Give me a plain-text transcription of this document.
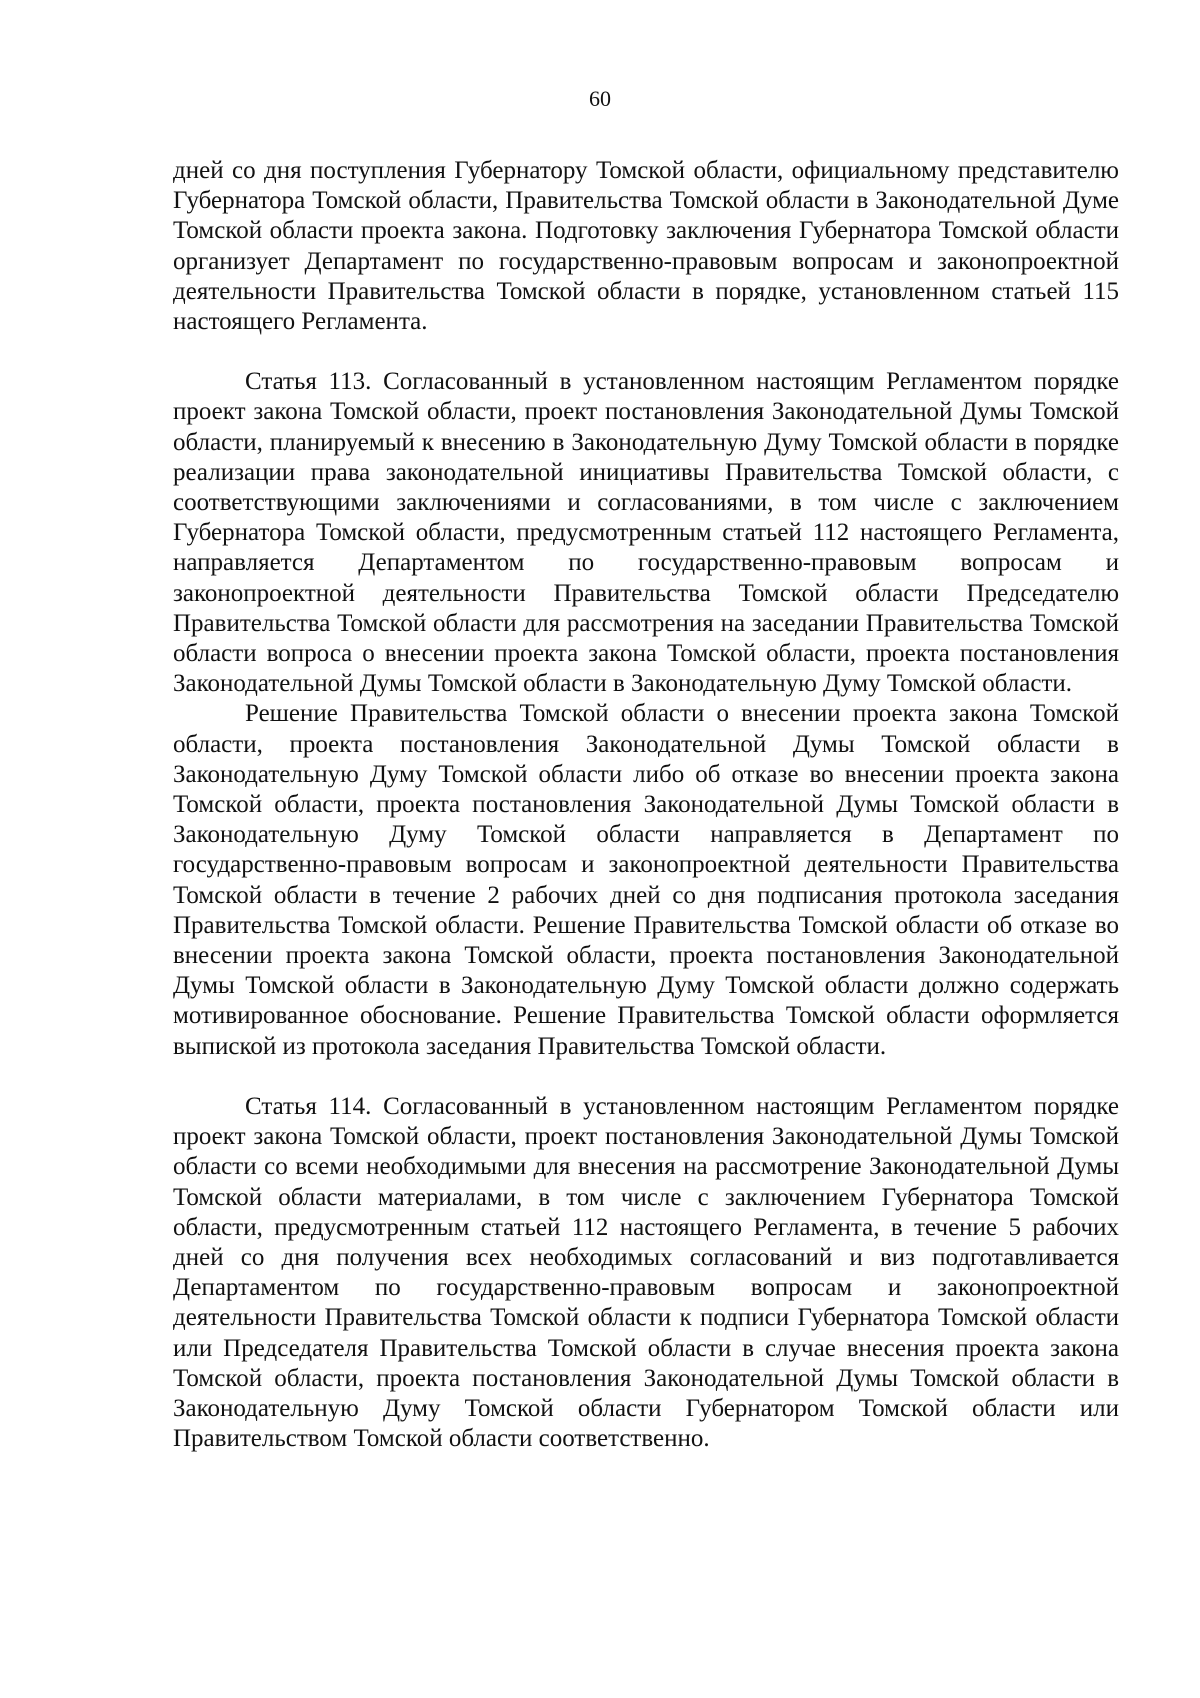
60

дней со дня поступления Губернатору Томской области, официальному представителю Губернатора Томской области, Правительства Томской области в Законодательной Думе Томской области проекта закона. Подготовку заключения Губернатора Томской области организует Департамент по государственно-правовым вопросам и законопроектной деятельности Правительства Томской области в порядке, установленном статьей 115 настоящего Регламента.

Статья 113. Согласованный в установленном настоящим Регламентом порядке проект закона Томской области, проект постановления Законодательной Думы Томской области, планируемый к внесению в Законодательную Думу Томской области в порядке реализации права законодательной инициативы Правительства Томской области, с соответствующими заключениями и согласованиями, в том числе с заключением Губернатора Томской области, предусмотренным статьей 112 настоящего Регламента, направляется Департаментом по государственно-правовым вопросам и законопроектной деятельности Правительства Томской области Председателю Правительства Томской области для рассмотрения на заседании Правительства Томской области вопроса о внесении проекта закона Томской области, проекта постановления Законодательной Думы Томской области в Законодательную Думу Томской области.

Решение Правительства Томской области о внесении проекта закона Томской области, проекта постановления Законодательной Думы Томской области в Законодательную Думу Томской области либо об отказе во внесении проекта закона Томской области, проекта постановления Законодательной Думы Томской области в Законодательную Думу Томской области направляется в Департамент по государственно-правовым вопросам и законопроектной деятельности Правительства Томской области в течение 2 рабочих дней со дня подписания протокола заседания Правительства Томской области. Решение Правительства Томской области об отказе во внесении проекта закона Томской области, проекта постановления Законодательной Думы Томской области в Законодательную Думу Томской области должно содержать мотивированное обоснование. Решение Правительства Томской области оформляется выпиской из протокола заседания Правительства Томской области.

Статья 114. Согласованный в установленном настоящим Регламентом порядке проект закона Томской области, проект постановления Законодательной Думы Томской области со всеми необходимыми для внесения на рассмотрение Законодательной Думы Томской области материалами, в том числе с заключением Губернатора Томской области, предусмотренным статьей 112 настоящего Регламента, в течение 5 рабочих дней со дня получения всех необходимых согласований и виз подготавливается Департаментом по государственно-правовым вопросам и законопроектной деятельности Правительства Томской области к подписи Губернатора Томской области или Председателя Правительства Томской области в случае внесения проекта закона Томской области, проекта постановления Законодательной Думы Томской области в Законодательную Думу Томской области Губернатором Томской области или Правительством Томской области соответственно.
